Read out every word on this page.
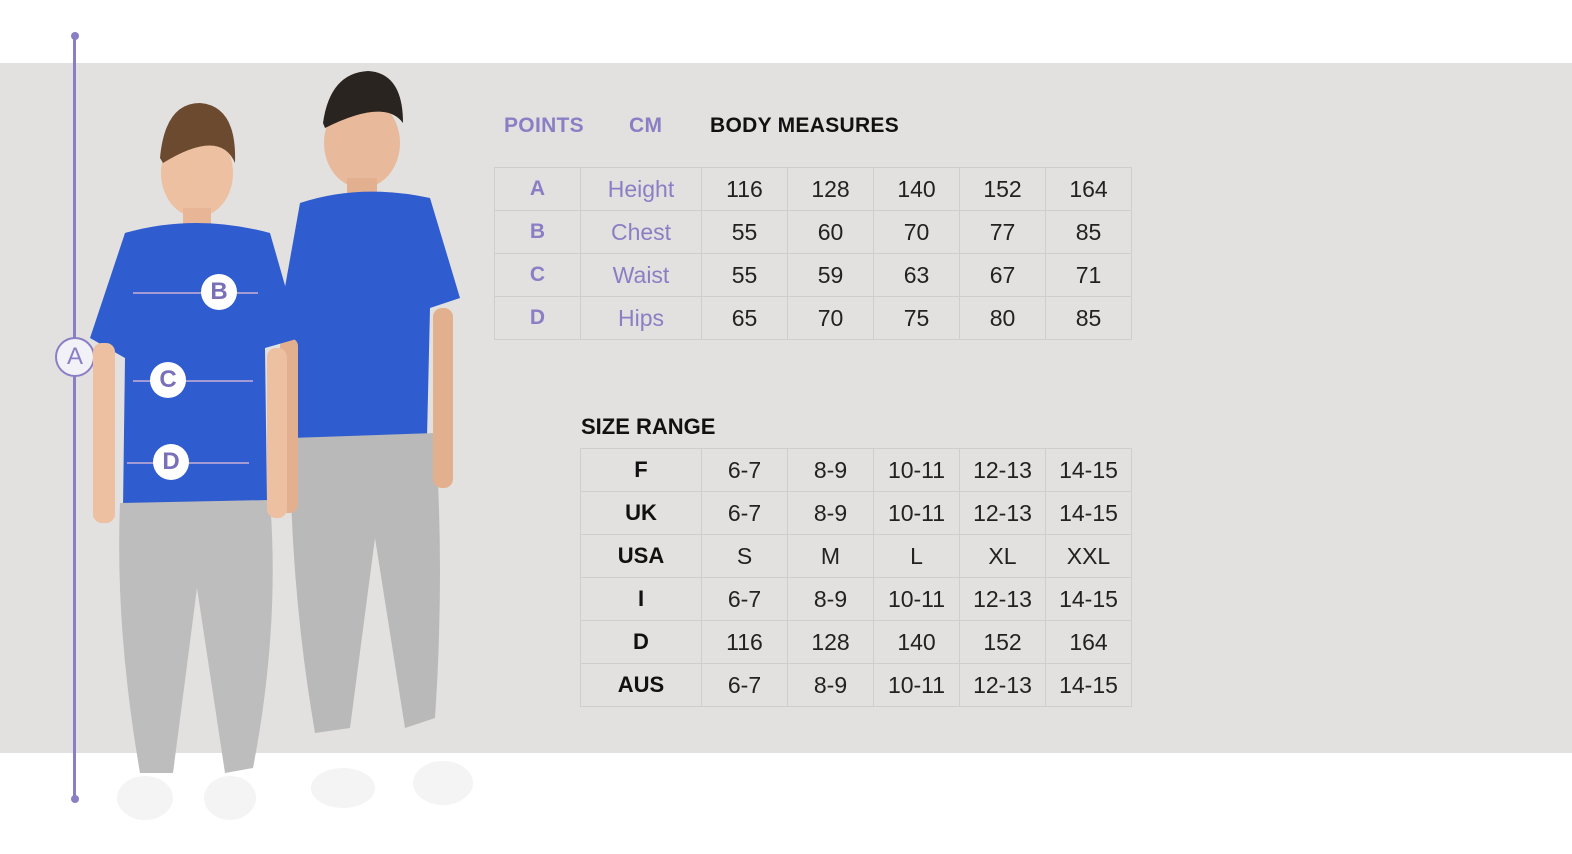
A
B
C
D
POINTS CM BODY MEASURES
A	Height	116	128	140	152	164
B	Chest	55	60	70	77	85
C	Waist	55	59	63	67	71
D	Hips	65	70	75	80	85
SIZE RANGE
F	6-7	8-9	10-11	12-13	14-15
UK	6-7	8-9	10-11	12-13	14-15
USA	S	M	L	XL	XXL
I	6-7	8-9	10-11	12-13	14-15
D	116	128	140	152	164
AUS	6-7	8-9	10-11	12-13	14-15
